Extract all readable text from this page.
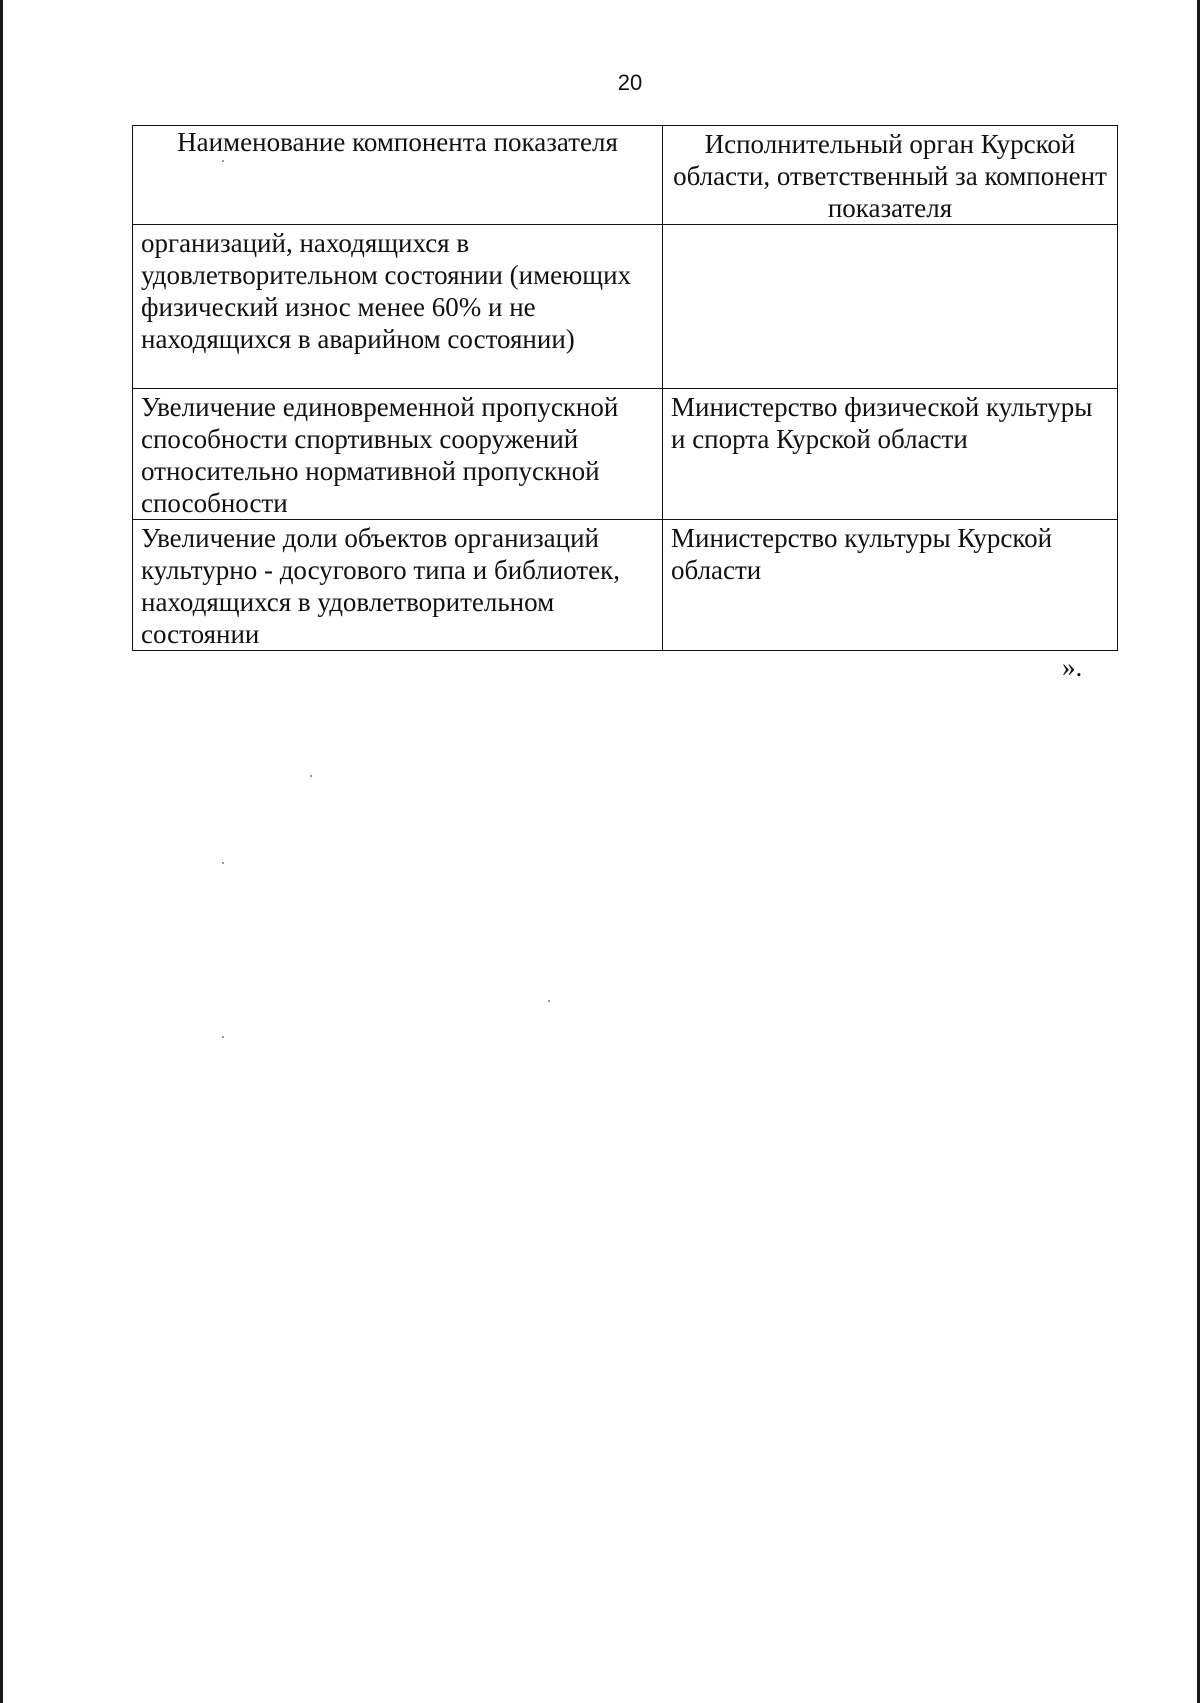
20
Наименование компонента показателя	Исполнительный орган Курской области, ответственный за компонент показателя
организаций, находящихся в удовлетворительном состоянии (имеющих физический износ менее 60% и не находящихся в аварийном состоянии)	
Увеличение единовременной пропускной способности спортивных сооружений относительно нормативной пропускной способности	Министерство физической культуры и спорта Курской области
Увеличение доли объектов организаций культурно - досугового типа и библиотек, находящихся в удовлетворительном состоянии	Министерство культуры Курской области
».
